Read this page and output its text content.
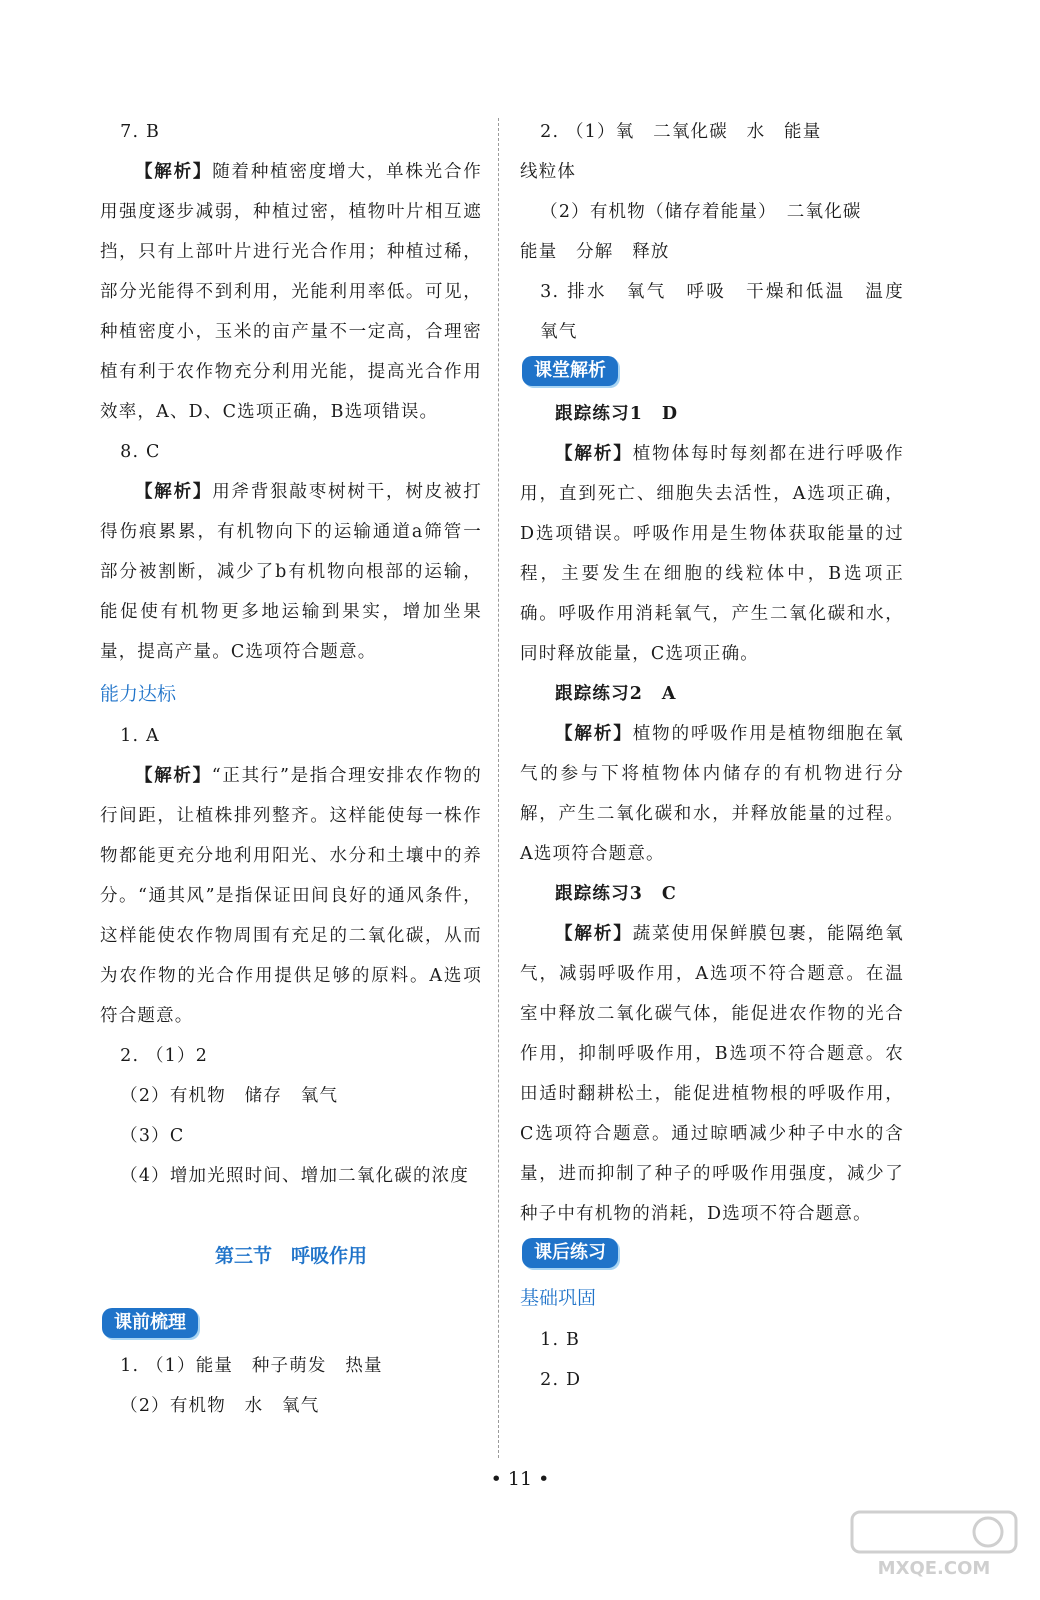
7. B

【解析】随着种植密度增大，单株光合作用强度逐步减弱，种植过密，植物叶片相互遮挡，只有上部叶片进行光合作用；种植过稀，部分光能得不到利用，光能利用率低。可见，种植密度小，玉米的亩产量不一定高，合理密植有利于农作物充分利用光能，提高光合作用效率，A、D、C选项正确，B选项错误。

8. C

【解析】用斧背狠敲枣树树干，树皮被打得伤痕累累，有机物向下的运输通道a筛管一部分被割断，减少了b有机物向根部的运输，能促使有机物更多地运输到果实，增加坐果量，提高产量。C选项符合题意。

能力达标

1. A

【解析】“正其行”是指合理安排农作物的行间距，让植株排列整齐。这样能使每一株作物都能更充分地利用阳光、水分和土壤中的养分。“通其风”是指保证田间良好的通风条件，这样能使农作物周围有充足的二氧化碳，从而为农作物的光合作用提供足够的原料。A选项符合题意。

2. （1）2

（2）有机物　储存　氧气

（3）C

（4）增加光照时间、增加二氧化碳的浓度

第三节　呼吸作用
课前梳理

1. （1）能量　种子萌发　热量

（2）有机物　水　氧气

2. （1）氧　二氧化碳　水　能量

线粒体

（2）有机物（储存着能量）　二氧化碳

能量　分解　释放

3. 排水　氧气　呼吸　干燥和低温　温度　氧气

课堂解析

跟踪练习1　D

【解析】植物体每时每刻都在进行呼吸作用，直到死亡、细胞失去活性，A选项正确，D选项错误。呼吸作用是生物体获取能量的过程，主要发生在细胞的线粒体中，B选项正确。呼吸作用消耗氧气，产生二氧化碳和水，同时释放能量，C选项正确。

跟踪练习2　A

【解析】植物的呼吸作用是植物细胞在氧气的参与下将植物体内储存的有机物进行分解，产生二氧化碳和水，并释放能量的过程。A选项符合题意。

跟踪练习3　C

【解析】蔬菜使用保鲜膜包裹，能隔绝氧气，减弱呼吸作用，A选项不符合题意。在温室中释放二氧化碳气体，能促进农作物的光合作用，抑制呼吸作用，B选项不符合题意。农田适时翻耕松土，能促进植物根的呼吸作用，C选项符合题意。通过晾晒减少种子中水的含量，进而抑制了种子的呼吸作用强度，减少了种子中有机物的消耗，D选项不符合题意。

课后练习
基础巩固

1. B

2. D

• 11 •
MXQE.COM
